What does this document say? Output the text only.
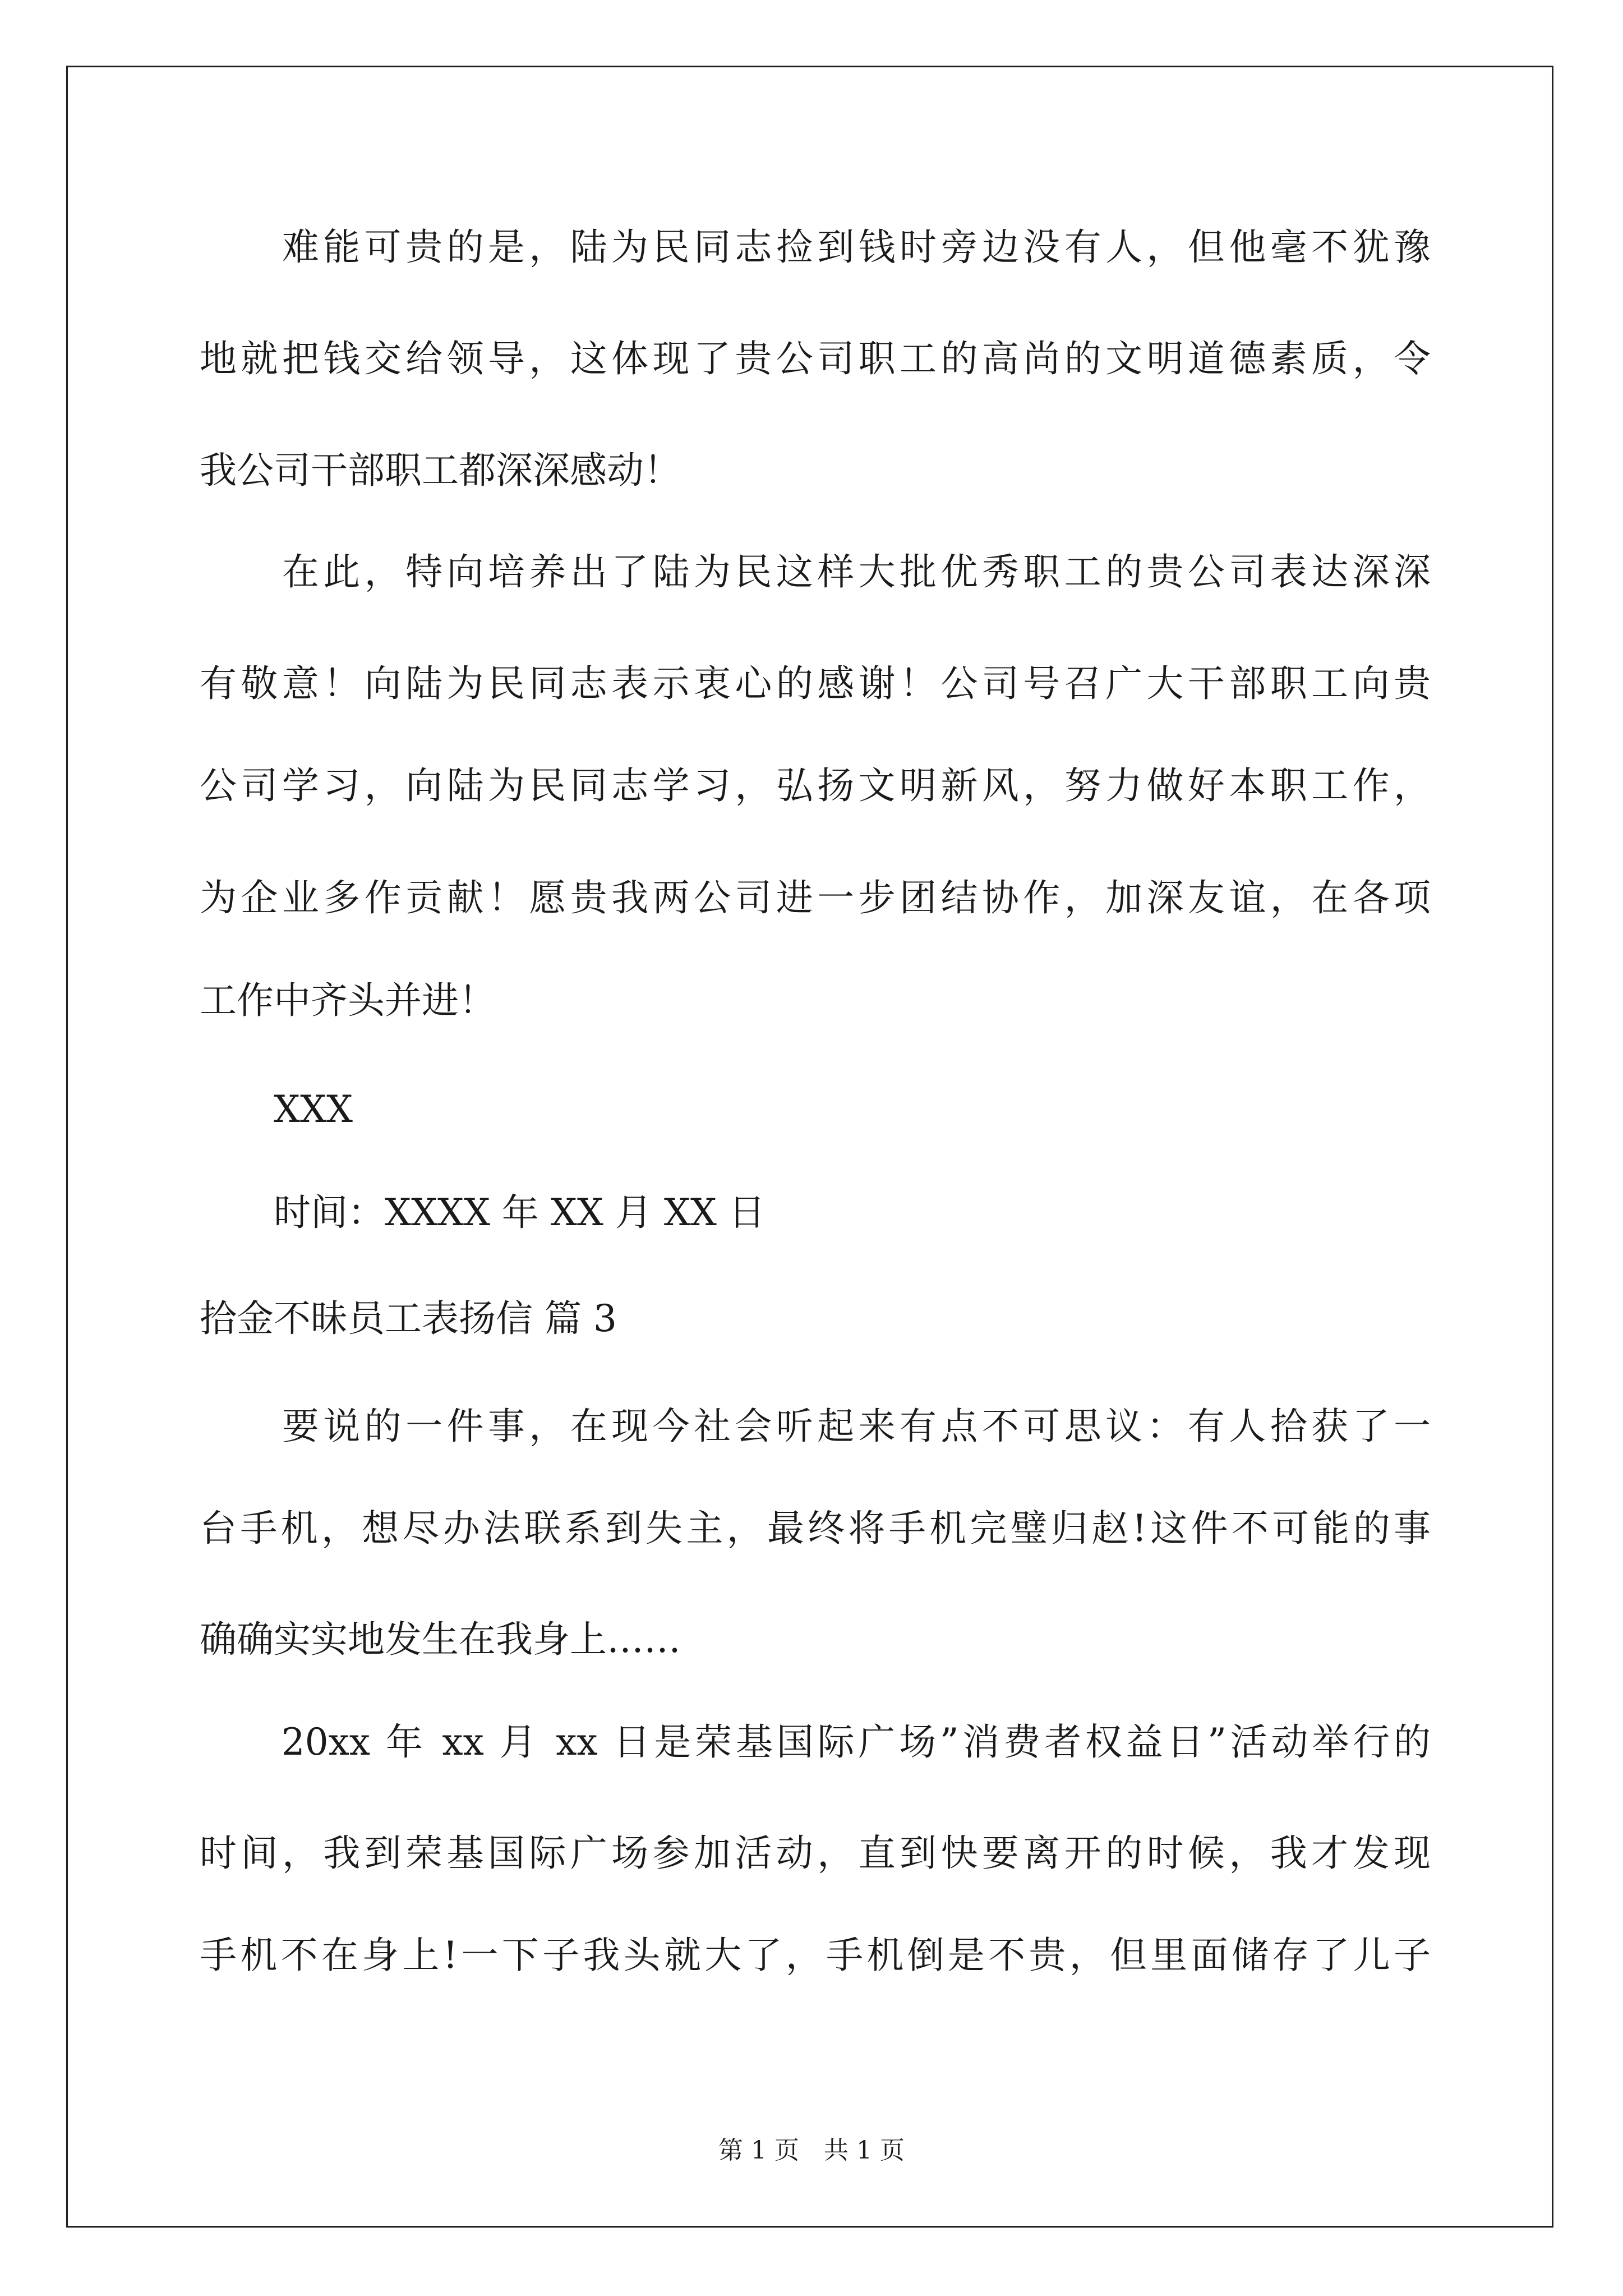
　　难能可贵的是，陆为民同志捡到钱时旁边没有人，但他毫不犹豫

地就把钱交给领导，这体现了贵公司职工的高尚的文明道德素质，令

我公司干部职工都深深感动！

　　在此，特向培养出了陆为民这样大批优秀职工的贵公司表达深深

有敬意！向陆为民同志表示衷心的感谢！公司号召广大干部职工向贵

公司学习，向陆为民同志学习，弘扬文明新风，努力做好本职工作，

为企业多作贡献！愿贵我两公司进一步团结协作，加深友谊，在各项

工作中齐头并进！

　　XXX

　　时间：XXXX 年 XX 月 XX 日

拾金不昧员工表扬信 篇 3

　　要说的一件事，在现今社会听起来有点不可思议：有人拾获了一

台手机，想尽办法联系到失主，最终将手机完璧归赵!这件不可能的事

确确实实地发生在我身上……

　　20xx 年 xx 月 xx 日是荣基国际广场”消费者权益日”活动举行的

时间，我到荣基国际广场参加活动，直到快要离开的时候，我才发现

手机不在身上!一下子我头就大了，手机倒是不贵，但里面储存了儿子

第 1 页　共 1 页
